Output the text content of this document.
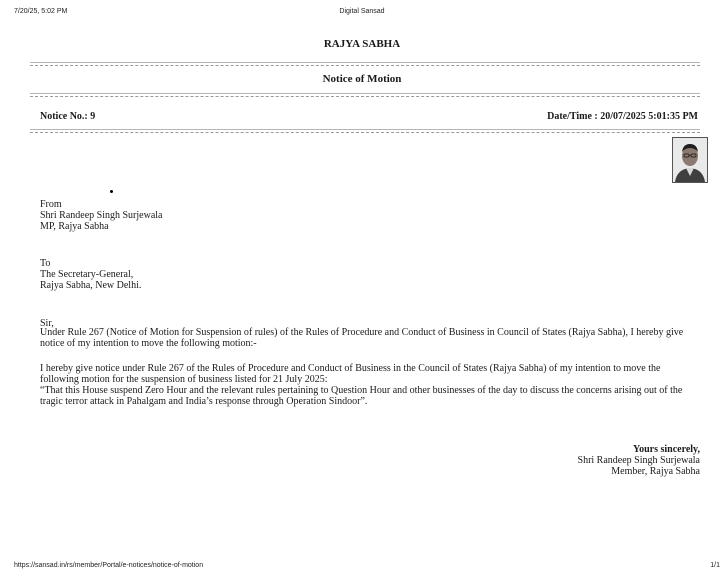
7/20/25, 5:02 PM	Digital Sansad
RAJYA SABHA
Notice of Motion
Notice No.: 9	Date/Time : 20/07/2025 5:01:35 PM
From
Shri Randeep Singh Surjewala
MP, Rajya Sabha
To
The Secretary-General,
Rajya Sabha, New Delhi.
Sir,
Under Rule 267 (Notice of Motion for Suspension of rules) of the Rules of Procedure and Conduct of Business in Council of States (Rajya Sabha), I hereby give notice of my intention to move the following motion:-
I hereby give notice under Rule 267 of the Rules of Procedure and Conduct of Business in the Council of States (Rajya Sabha) of my intention to move the following motion for the suspension of business listed for 21 July 2025:
“That this House suspend Zero Hour and the relevant rules pertaining to Question Hour and other businesses of the day to discuss the concerns arising out of the tragic terror attack in Pahalgam and India’s response through Operation Sindoor”.
Yours sincerely,
Shri Randeep Singh Surjewala
Member, Rajya Sabha
https://sansad.in/rs/member/Portal/e-notices/notice-of-motion	1/1
